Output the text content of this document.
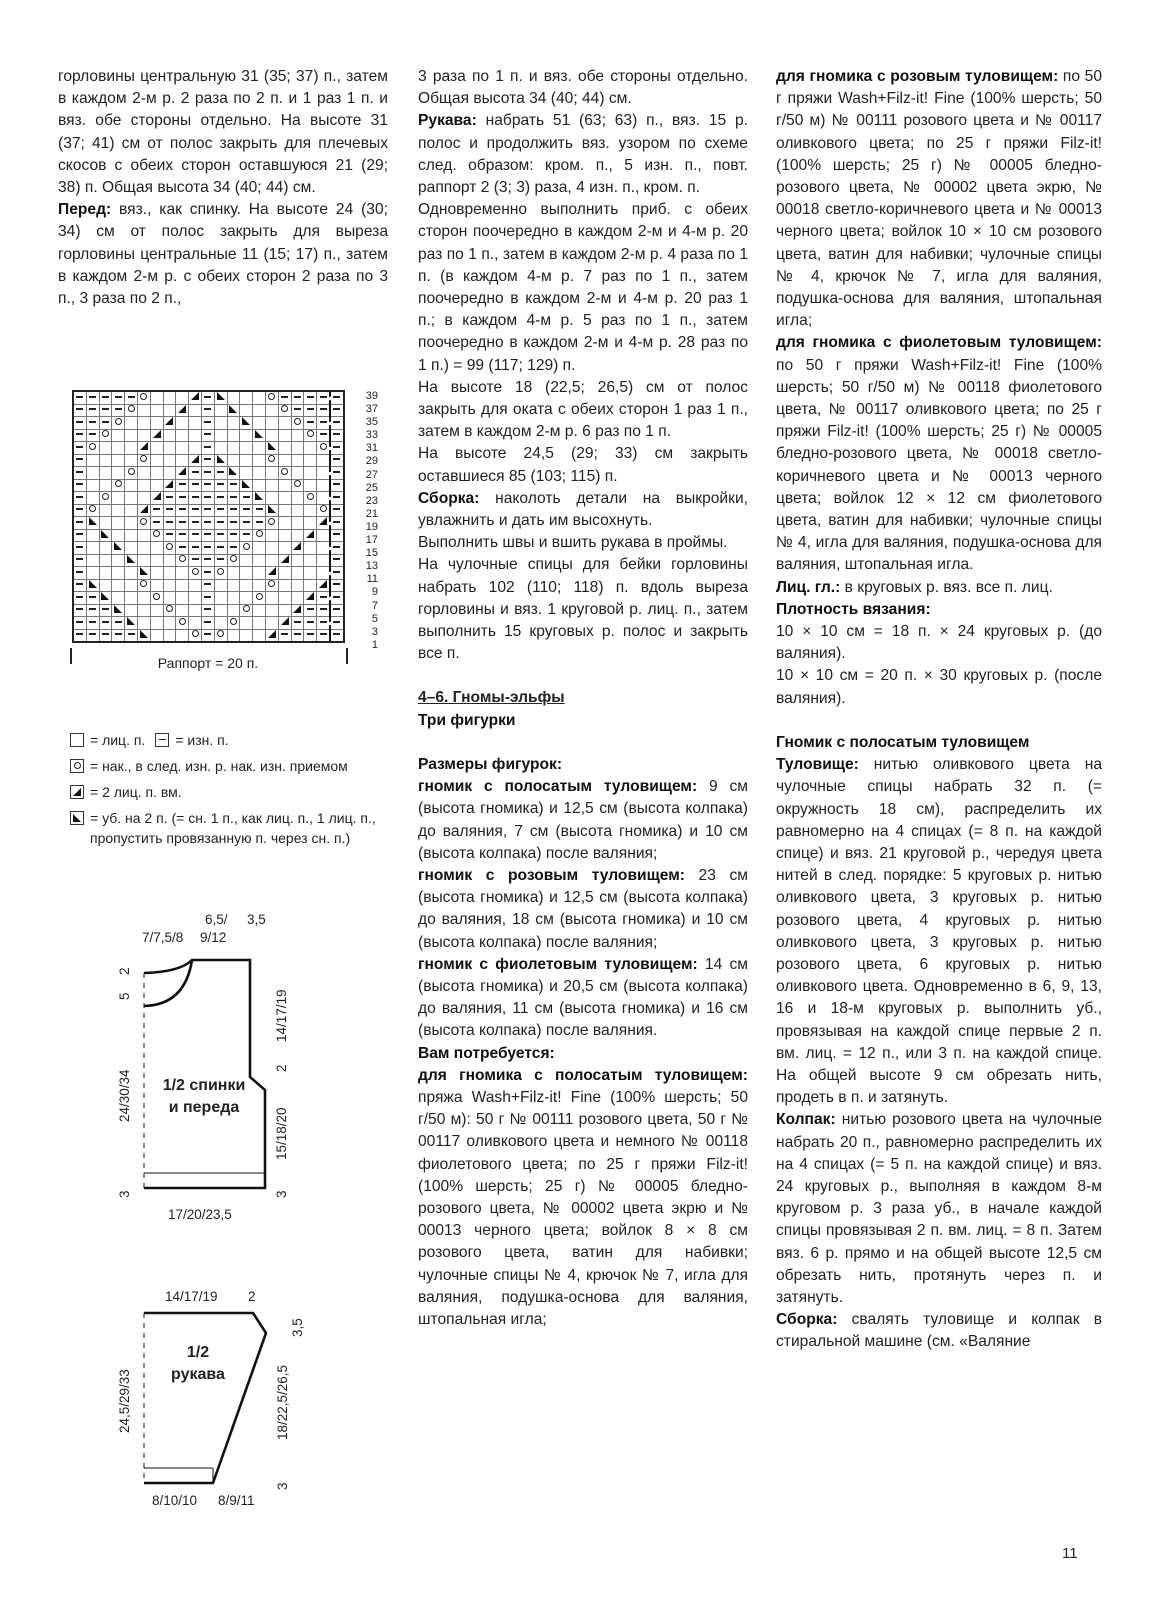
горловины центральную 31 (35; 37) п., затем в каждом 2-м р. 2 раза по 2 п. и 1 раз 1 п. и вяз. обе стороны отдельно. На высоте 31 (37; 41) см от полос закрыть для плечевых скосов с обеих сторон оставшуюся 21 (29; 38) п. Общая высота 34 (40; 44) см.

Перед: вяз., как спинку. На высоте 24 (30; 34) см от полос закрыть для выреза горловины центральные 11 (15; 17) п., затем в каждом 2-м р. с обеих сторон 2 раза по 3 п., 3 раза по 2 п.,

39
37
35
33
31
29
27
25
23
21
19
17
15
13
11
9
7
5
3
1
Раппорт = 20 п.
= лиц. п. = изн. п.
= нак., в след. изн. р. нак. изн. приемом
= 2 лиц. п. вм.
= уб. на 2 п. (= сн. 1 п., как лиц. п., 1 лиц. п., пропустить провязанную п. через сн. п.)
7/7,5/8
6,5/
9/12
3,5
2
5
24/30/34
3
14/17/19
2
15/18/20
3
17/20/23,5
1/2 спинки
и переда
14/17/19 2
3,5
24,5/29/33	18/22,5/26,5
3
8/10/10 8/9/11
1/2
рукава

3 раза по 1 п. и вяз. обе стороны отдельно. Общая высота 34 (40; 44) см.

Рукава: набрать 51 (63; 63) п., вяз. 15 р. полос и продолжить вяз. узором по схеме след. образом: кром. п., 5 изн. п., повт. раппорт 2 (3; 3) раза, 4 изн. п., кром. п.

Одновременно выполнить приб. с обеих сторон поочередно в каждом 2-м и 4-м р. 20 раз по 1 п., затем в каждом 2-м р. 4 раза по 1 п. (в каждом 4-м р. 7 раз по 1 п., затем поочередно в каждом 2-м и 4-м р. 20 раз 1 п.; в каждом 4-м р. 5 раз по 1 п., затем поочередно в каждом 2-м и 4-м р. 28 раз по 1 п.) = 99 (117; 129) п.

На высоте 18 (22,5; 26,5) см от полос закрыть для оката с обеих сторон 1 раз 1 п., затем в каждом 2-м р. 6 раз по 1 п.

На высоте 24,5 (29; 33) см закрыть оставшиеся 85 (103; 115) п.

Сборка: наколоть детали на выкройки, увлажнить и дать им высохнуть.

Выполнить швы и вшить рукава в проймы.

На чулочные спицы для бейки горловины набрать 102 (110; 118) п. вдоль выреза горловины и вяз. 1 круговой р. лиц. п., затем выполнить 15 круговых р. полос и закрыть все п.

4–6. Гномы-эльфы

Три фигурки

Размеры фигурок:

гномик с полосатым туловищем: 9 см (высота гномика) и 12,5 см (высота колпака) до валяния, 7 см (высота гномика) и 10 см (высота колпака) после валяния;

гномик с розовым туловищем: 23 см (высота гномика) и 12,5 см (высота колпака) до валяния, 18 см (высота гномика) и 10 см (высота колпака) после валяния;

гномик с фиолетовым туловищем: 14 см (высота гномика) и 20,5 см (высота колпака) до валяния, 11 см (высота гномика) и 16 см (высота колпака) после валяния.

Вам потребуется:

для гномика с полосатым туловищем: пряжа Wash+Filz-it! Fine (100% шерсть; 50 г/50 м): 50 г № 00111 розового цвета, 50 г № 00117 оливкового цвета и немного № 00118 фиолетового цвета; по 25 г пряжи Filz-it! (100% шерсть; 25 г) № 00005 бледно-розового цвета, № 00002 цвета экрю и № 00013 черного цвета; войлок 8 × 8 см розового цвета, ватин для набивки; чулочные спицы № 4, крючок № 7, игла для валяния, подушка-основа для валяния, штопальная игла;

для гномика с розовым туловищем: по 50 г пряжи Wash+Filz-it! Fine (100% шерсть; 50 г/50 м) № 00111 розового цвета и № 00117 оливкового цвета; по 25 г пряжи Filz-it! (100% шерсть; 25 г) № 00005 бледно-розового цвета, № 00002 цвета экрю, № 00018 светло-коричневого цвета и № 00013 черного цвета; войлок 10 × 10 см розового цвета, ватин для набивки; чулочные спицы № 4, крючок № 7, игла для валяния, подушка-основа для валяния, штопальная игла;

для гномика с фиолетовым туловищем: по 50 г пряжи Wash+Filz-it! Fine (100% шерсть; 50 г/50 м) № 00118 фиолетового цвета, № 00117 оливкового цвета; по 25 г пряжи Filz-it! (100% шерсть; 25 г) № 00005 бледно-розового цвета, № 00018 светло-коричневого цвета и № 00013 черного цвета; войлок 12 × 12 см фиолетового цвета, ватин для набивки; чулочные спицы № 4, игла для валяния, подушка-основа для валяния, штопальная игла.

Лиц. гл.: в круговых р. вяз. все п. лиц.

Плотность вязания:

10 × 10 см = 18 п. × 24 круговых р. (до валяния).

10 × 10 см = 20 п. × 30 круговых р. (после валяния).

Гномик с полосатым туловищем

Туловище: нитью оливкового цвета на чулочные спицы набрать 32 п. (= окружность 18 см), распределить их равномерно на 4 спицах (= 8 п. на каждой спице) и вяз. 21 круговой р., чередуя цвета нитей в след. порядке: 5 круговых р. нитью оливкового цвета, 3 круговых р. нитью розового цвета, 4 круговых р. нитью оливкового цвета, 3 круговых р. нитью розового цвета, 6 круговых р. нитью оливкового цвета. Одновременно в 6, 9, 13, 16 и 18-м круговых р. выполнить уб., провязывая на каждой спице первые 2 п. вм. лиц. = 12 п., или 3 п. на каждой спице. На общей высоте 9 см обрезать нить, продеть в п. и затянуть.

Колпак: нитью розового цвета на чулочные набрать 20 п., равномерно распределить их на 4 спицах (= 5 п. на каждой спице) и вяз. 24 круговых р., выполняя в каждом 8-м круговом р. 3 раза уб., в начале каждой спицы провязывая 2 п. вм. лиц. = 8 п. Затем вяз. 6 р. прямо и на общей высоте 12,5 см обрезать нить, протянуть через п. и затянуть.

Сборка: свалять туловище и колпак в стиральной машине (см. «Валяние

11
